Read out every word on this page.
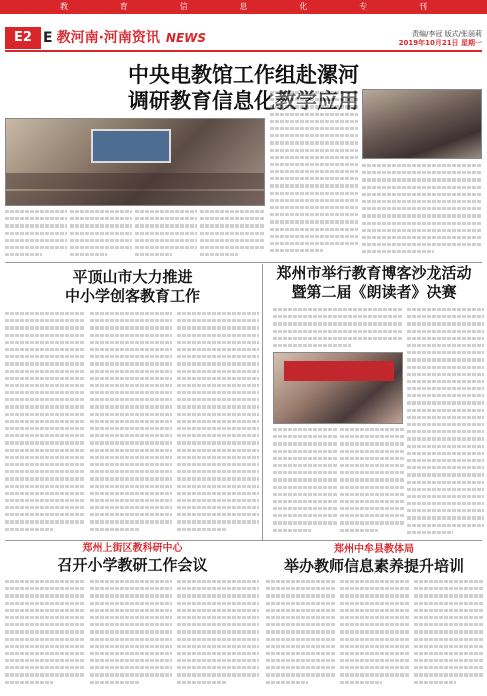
教	育	信	息	化	专	刊
E2 E 教河南·河南资讯 NEWS	责编/李冠 版式/张丽莉
2019年10月21日 星期一
中央电教馆工作组赴漯河
调研教育信息化教学应用
平顶山市大力推进
中小学创客教育工作
郑州市举行教育博客沙龙活动
暨第二届《朗读者》决赛
郑州上街区教科研中心
召开小学教研工作会议
郑州中牟县教体局
举办教师信息素养提升培训
